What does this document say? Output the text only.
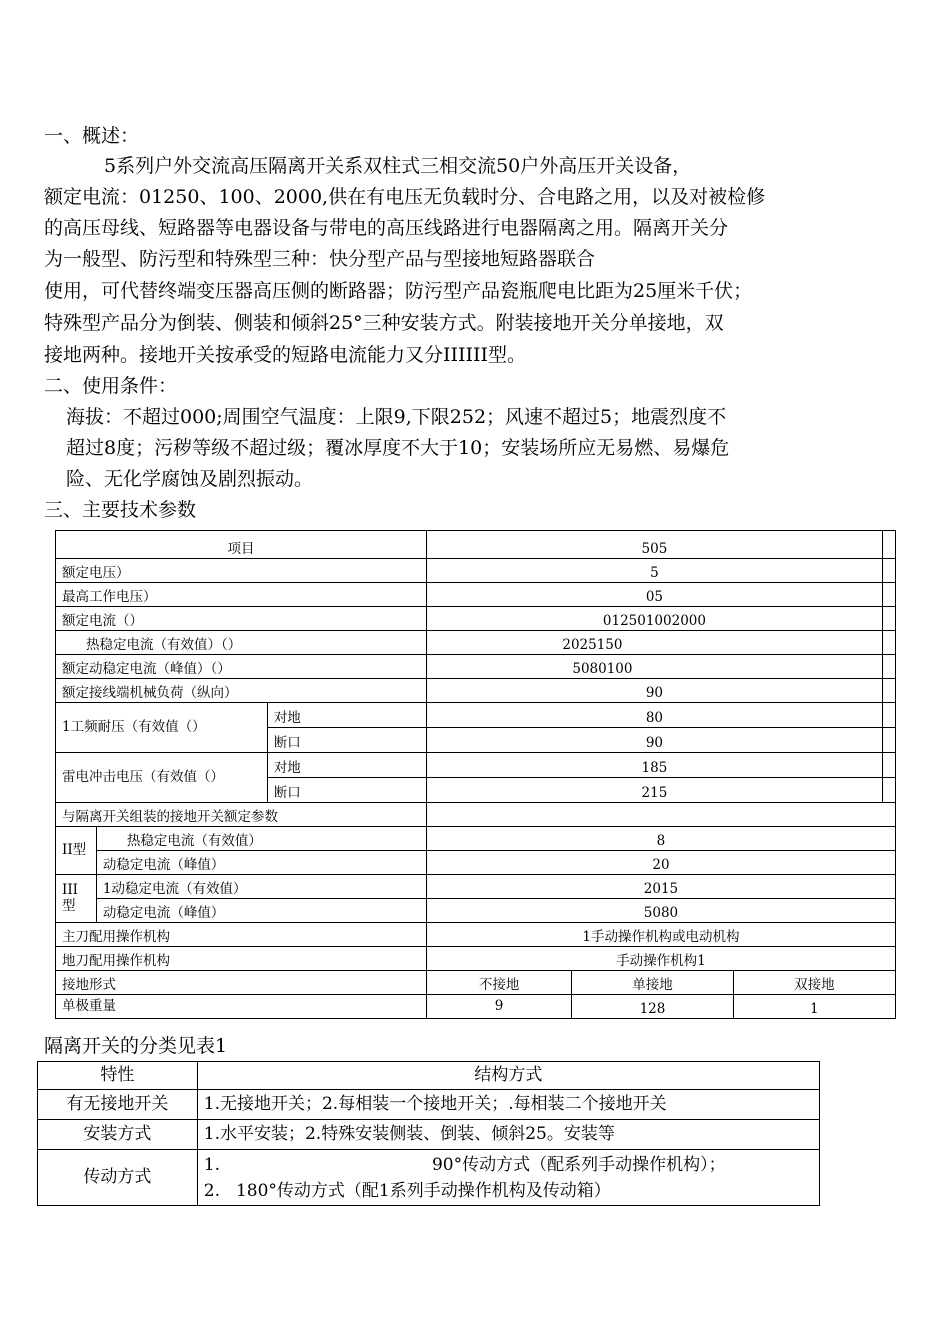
一、概述：
5系列户外交流高压隔离开关系双柱式三相交流50户外高压开关设备，
额定电流：01250、100、2000,供在有电压无负载时分、合电路之用，以及对被检修
的高压母线、短路器等电器设备与带电的高压线路进行电器隔离之用。隔离开关分
为一般型、防污型和特殊型三种：快分型产品与型接地短路器联合
使用，可代替终端变压器高压侧的断路器；防污型产品瓷瓶爬电比距为25厘米千伏；
特殊型产品分为倒装、侧装和倾斜25°三种安装方式。附装接地开关分单接地，双
接地两种。接地开关按承受的短路电流能力又分IIIIII型。
二、使用条件：
海拔：不超过000;周围空气温度：上限9,下限252；风速不超过5；地震烈度不
超过8度；污秽等级不超过级；覆冰厚度不大于10；安装场所应无易燃、易爆危
险、无化学腐蚀及剧烈振动。
三、主要技术参数
项目			505			
额定电压）			5			
最高工作电压）			05			
额定电流（）			012501002000			
热稳定电流（有效值）（）			2025150			
额定动稳定电流（峰值）（）			5080100			
额定接线端机械负荷（纵向）			90			
1工频耐压（有效值（）		对地	80			
		断口	90			
雷电冲击电压（有效值（）		对地	185			
		断口	215			
与隔离开关组装的接地开关额定参数						
II型	热稳定电流（有效值）		8			
	动稳定电流（峰值）		20			
III型	1动稳定电流（有效值）		2015			
	动稳定电流（峰值）		5080			
主刀配用操作机构			1手动操作机构或电动机构			
地刀配用操作机构			手动操作机构1			
接地形式			不接地	单接地	双接地	
单极重量			9	128	1	
隔离开关的分类见表1
特性	结构方式
有无接地开关	1.无接地开关；2.每相装一个接地开关；.每相装二个接地开关
安装方式	1.水平安装；2.特殊安装侧装、倒装、倾斜25。安装等
传动方式	1. 90°传动方式（配系列手动操作机构）；
2. 180°传动方式（配1系列手动操作机构及传动箱）
